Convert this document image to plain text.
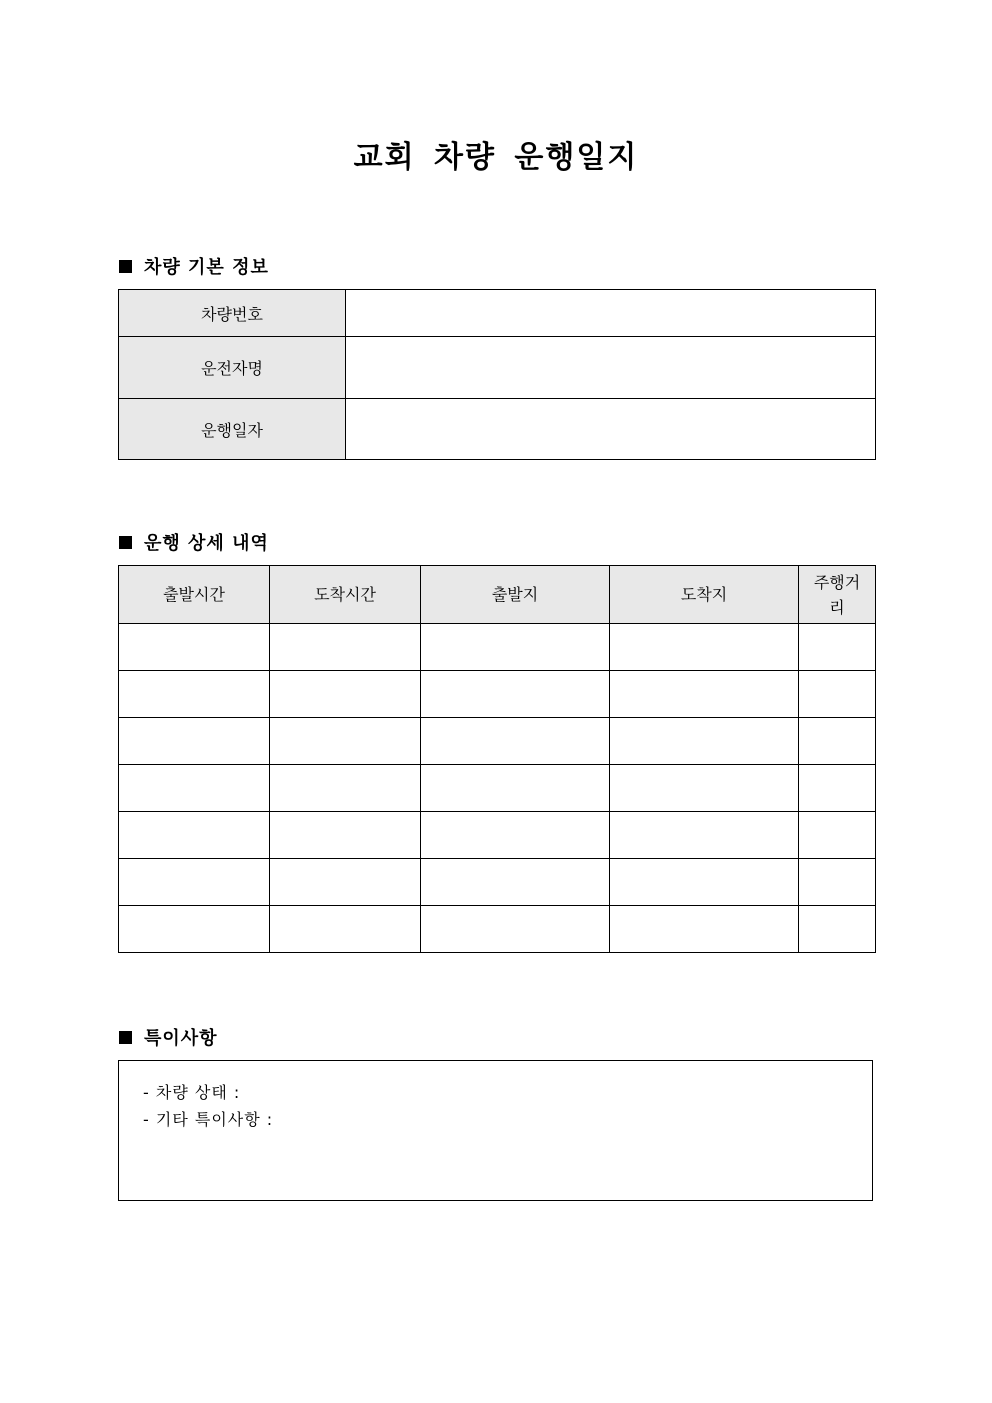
교회 차량 운행일지
차량 기본 정보
차량번호	
운전자명	
운행일자	
운행 상세 내역
출발시간	도착시간	출발지	도착지	주행거리

특이사항
- 차량 상태 :
- 기타 특이사항 :
